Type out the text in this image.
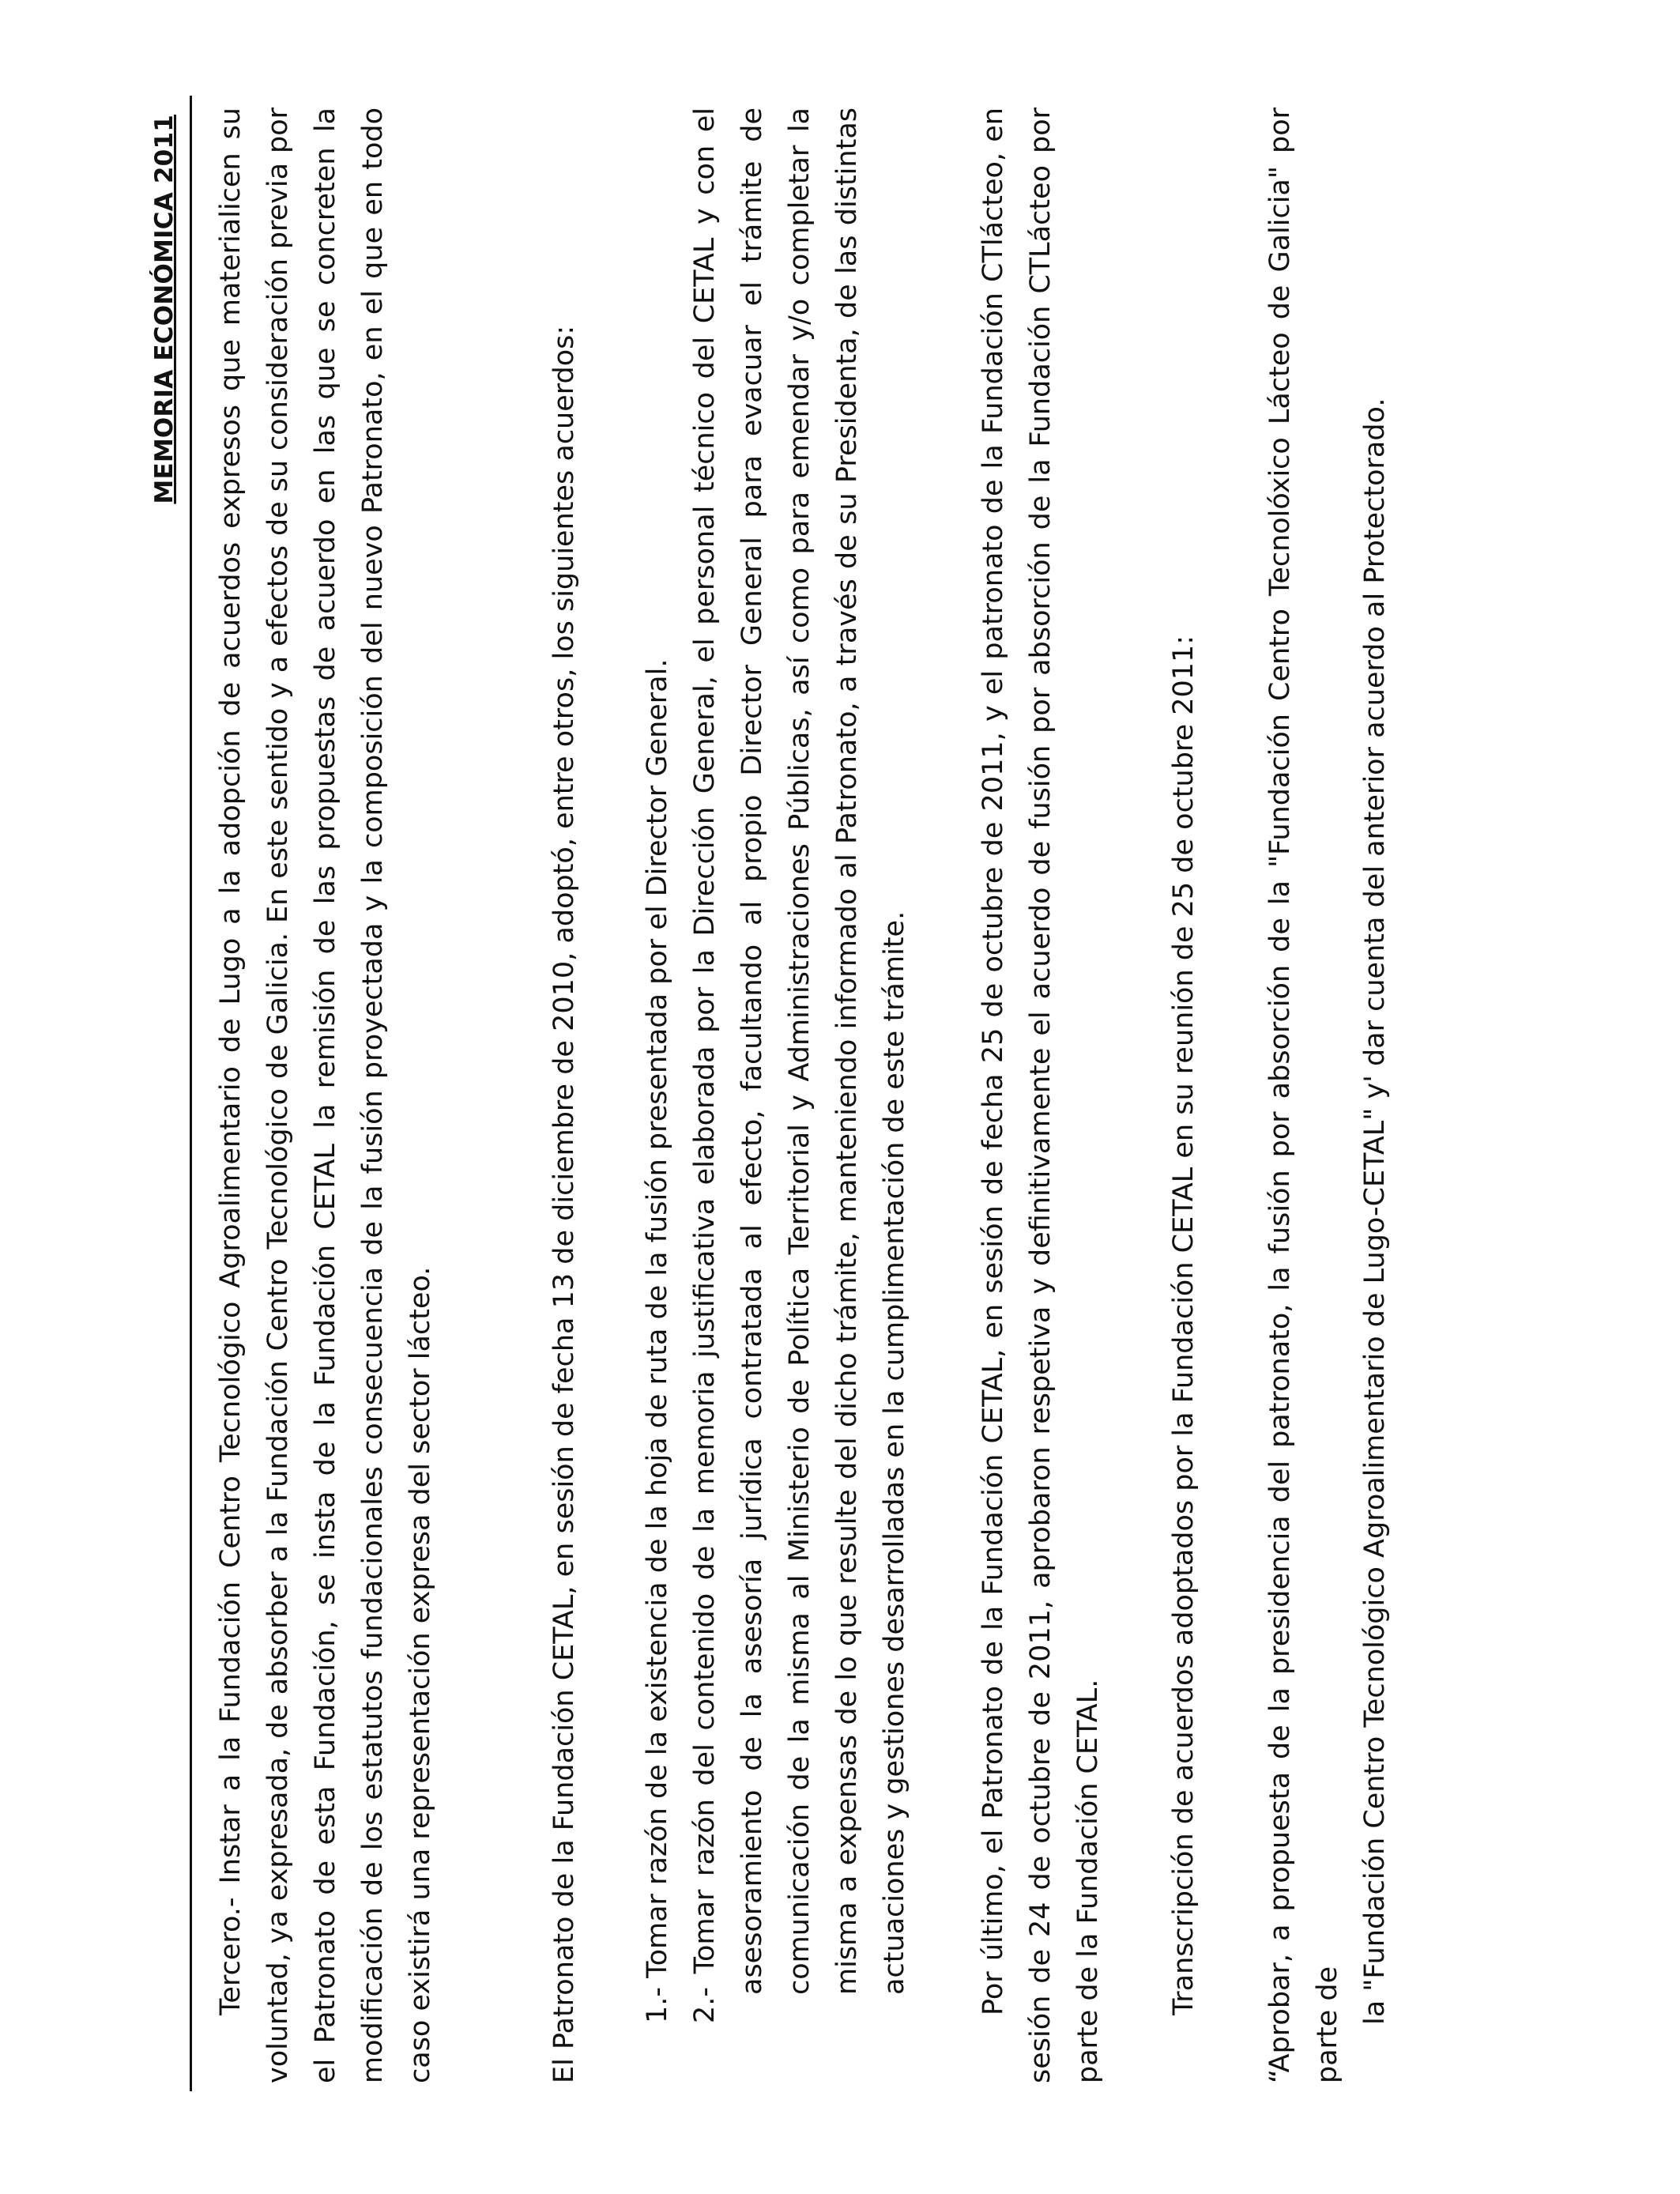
MEMORIA ECONÓMICA 2011 Tercero.- Instar a la Fundación Centro Tecnológico Agroalimentario de Lugo a la adopción de acuerdos expresos que materialicen su voluntad, ya expresada, de absorber a la Fundación Centro Tecnológico de Galicia. En este sentido y a efectos de su consideración previa por el Patronato de esta Fundación, se insta de la Fundación CETAL la remisión de las propuestas de acuerdo en las que se concreten la modificación de los estatutos fundacionales consecuencia de la fusión proyectada y la composición del nuevo Patronato, en el que en todo caso existirá una representación expresa del sector lácteo.	El Patronato de la Fundación CETAL, en sesión de fecha 13 de diciembre de 2010, adoptó, entre otros, los siguientes acuerdos: 1.- Tomar razón de la existencia de la hoja de ruta de la fusión presentada por el Director General. 2.- Tomar razón del contenido de la memoria justificativa elaborada por la Dirección General, el personal técnico del CETAL y con el asesoramiento de la asesoría jurídica contratada al efecto, facultando al propio Director General para evacuar el trámite de comunicación de la misma al Ministerio de Política Territorial y Administraciones Públicas, así como para emendar y/o completar la misma a expensas de lo que resulte del dicho trámite, manteniendo informado al Patronato, a través de su Presidenta, de las distintas actuaciones y gestiones desarrolladas en la cumplimentación de este trámite. Por último, el Patronato de la Fundación CETAL, en sesión de fecha 25 de octubre de 2011, y el patronato de la Fundación CTlácteo, en sesión de 24 de octubre de 2011, aprobaron respetiva y definitivamente el acuerdo de fusión por absorción de la Fundación CTLácteo por parte de la Fundación CETAL. Transcripción de acuerdos adoptados por la Fundación CETAL en su reunión de 25 de octubre 2011: “Aprobar, a propuesta de la presidencia del patronato, la fusión por absorción de la "Fundación Centro Tecnolóxico Lácteo de Galicia" por parte de la "Fundación Centro Tecnológico Agroalimentario de Lugo-CETAL" y' dar cuenta del anterior acuerdo al Protectorado.
